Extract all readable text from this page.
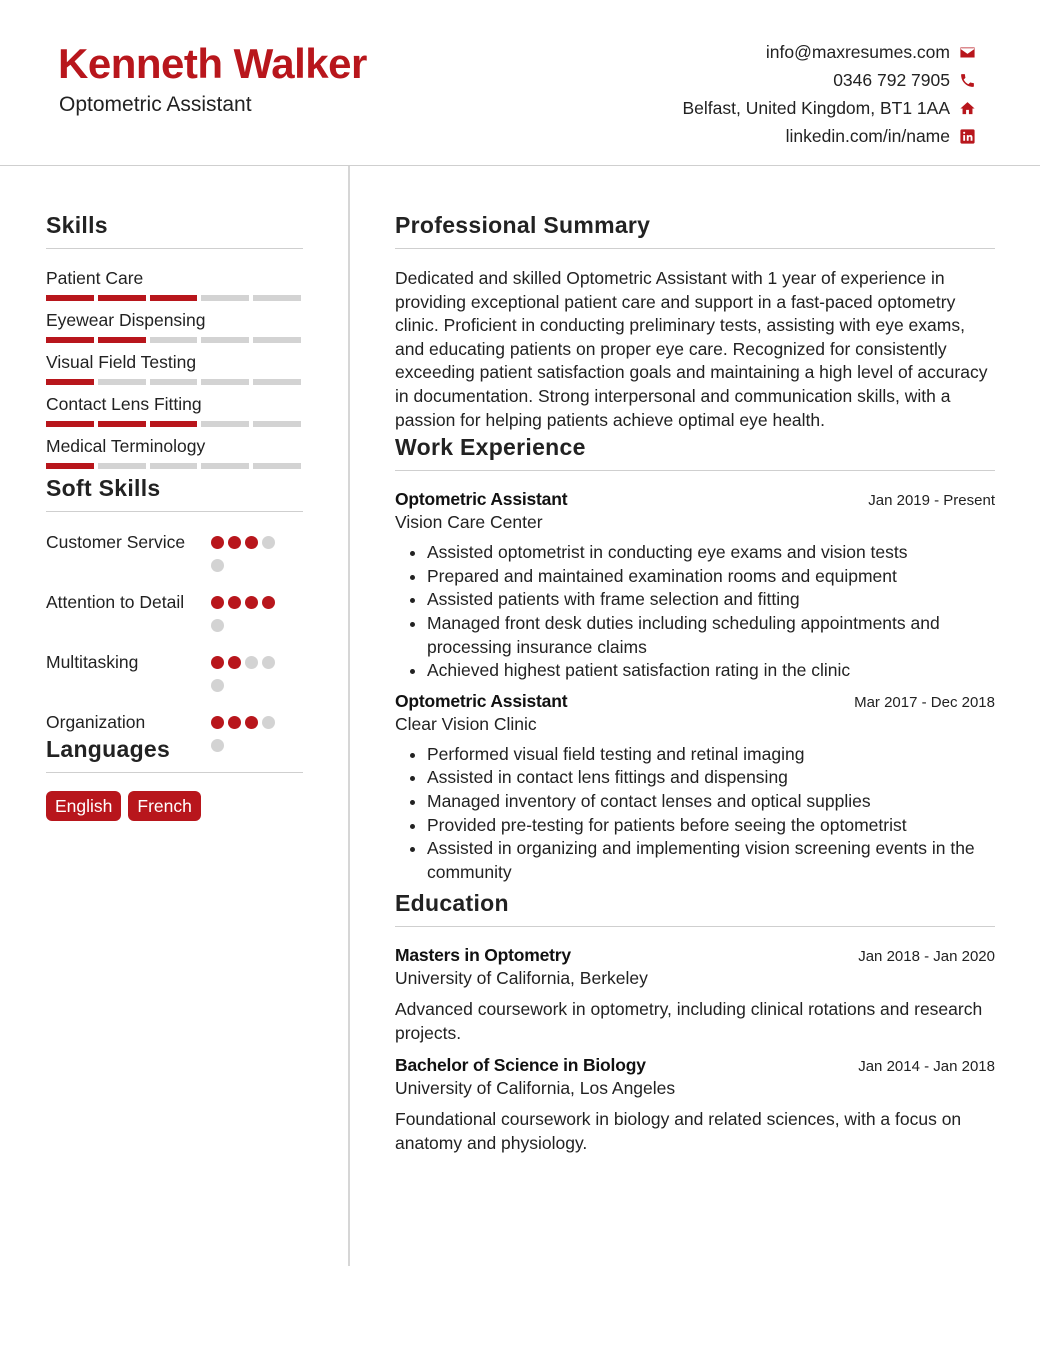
Kenneth Walker
Optometric Assistant
info@maxresumes.com
0346 792 7905
Belfast, United Kingdom, BT1 1AA
linkedin.com/in/name
Skills
Patient Care
Eyewear Dispensing
Visual Field Testing
Contact Lens Fitting
Medical Terminology
Soft Skills
Customer Service
Attention to Detail
Multitasking
Organization
Languages
English	French
Professional Summary

Dedicated and skilled Optometric Assistant with 1 year of experience in providing exceptional patient care and support in a fast-paced optometry clinic. Proficient in conducting preliminary tests, assisting with eye exams, and educating patients on proper eye care. Recognized for consistently exceeding patient satisfaction goals and maintaining a high level of accuracy in documentation. Strong interpersonal and communication skills, with a passion for helping patients achieve optimal eye health.

Work Experience
Optometric Assistant	Jan 2019 - Present
Vision Care Center
• Assisted optometrist in conducting eye exams and vision tests
• Prepared and maintained examination rooms and equipment
• Assisted patients with frame selection and fitting
• Managed front desk duties including scheduling appointments and processing insurance claims
• Achieved highest patient satisfaction rating in the clinic
Optometric Assistant	Mar 2017 - Dec 2018
Clear Vision Clinic
• Performed visual field testing and retinal imaging
• Assisted in contact lens fittings and dispensing
• Managed inventory of contact lenses and optical supplies
• Provided pre-testing for patients before seeing the optometrist
• Assisted in organizing and implementing vision screening events in the community
Education
Masters in Optometry	Jan 2018 - Jan 2020
University of California, Berkeley
Advanced coursework in optometry, including clinical rotations and research projects.
Bachelor of Science in Biology	Jan 2014 - Jan 2018
University of California, Los Angeles
Foundational coursework in biology and related sciences, with a focus on anatomy and physiology.
